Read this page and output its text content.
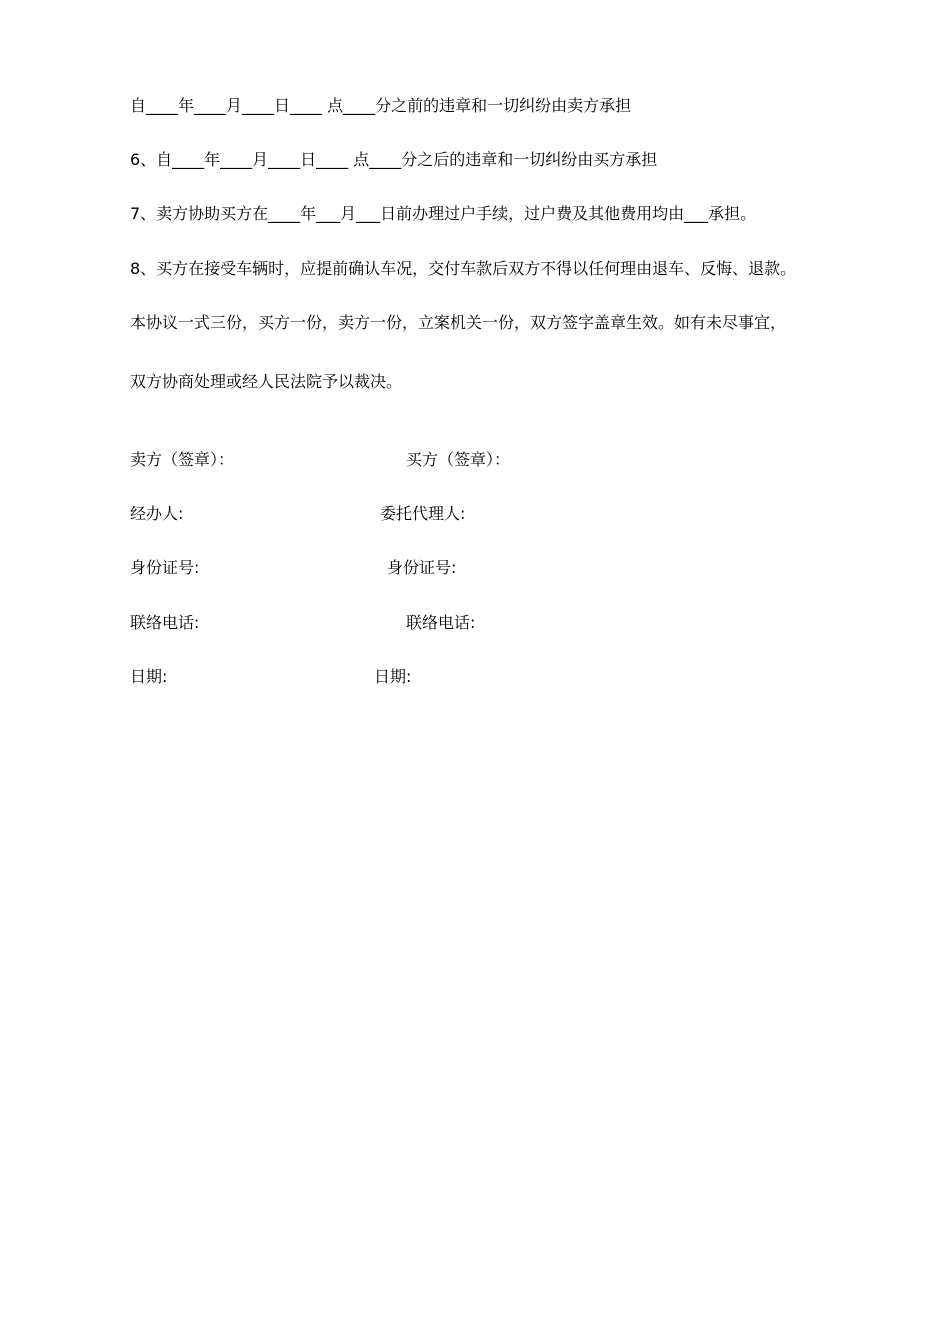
自____年____月____日____ 点____分之前的违章和一切纠纷由卖方承担
6、自____年____月____日____ 点____分之后的违章和一切纠纷由买方承担
7、卖方协助买方在____年___月___日前办理过户手续，过户费及其他费用均由___承担。
8、买方在接受车辆时，应提前确认车况，交付车款后双方不得以任何理由退车、反悔、退款。
本协议一式三份，买方一份，卖方一份，立案机关一份，双方签字盖章生效。如有未尽事宜，
双方协商处理或经人民法院予以裁决。
卖方（签章）：	买方（签章）：
经办人:	委托代理人:
身份证号:	身份证号:
联络电话:	联络电话:
日期:	日期:
